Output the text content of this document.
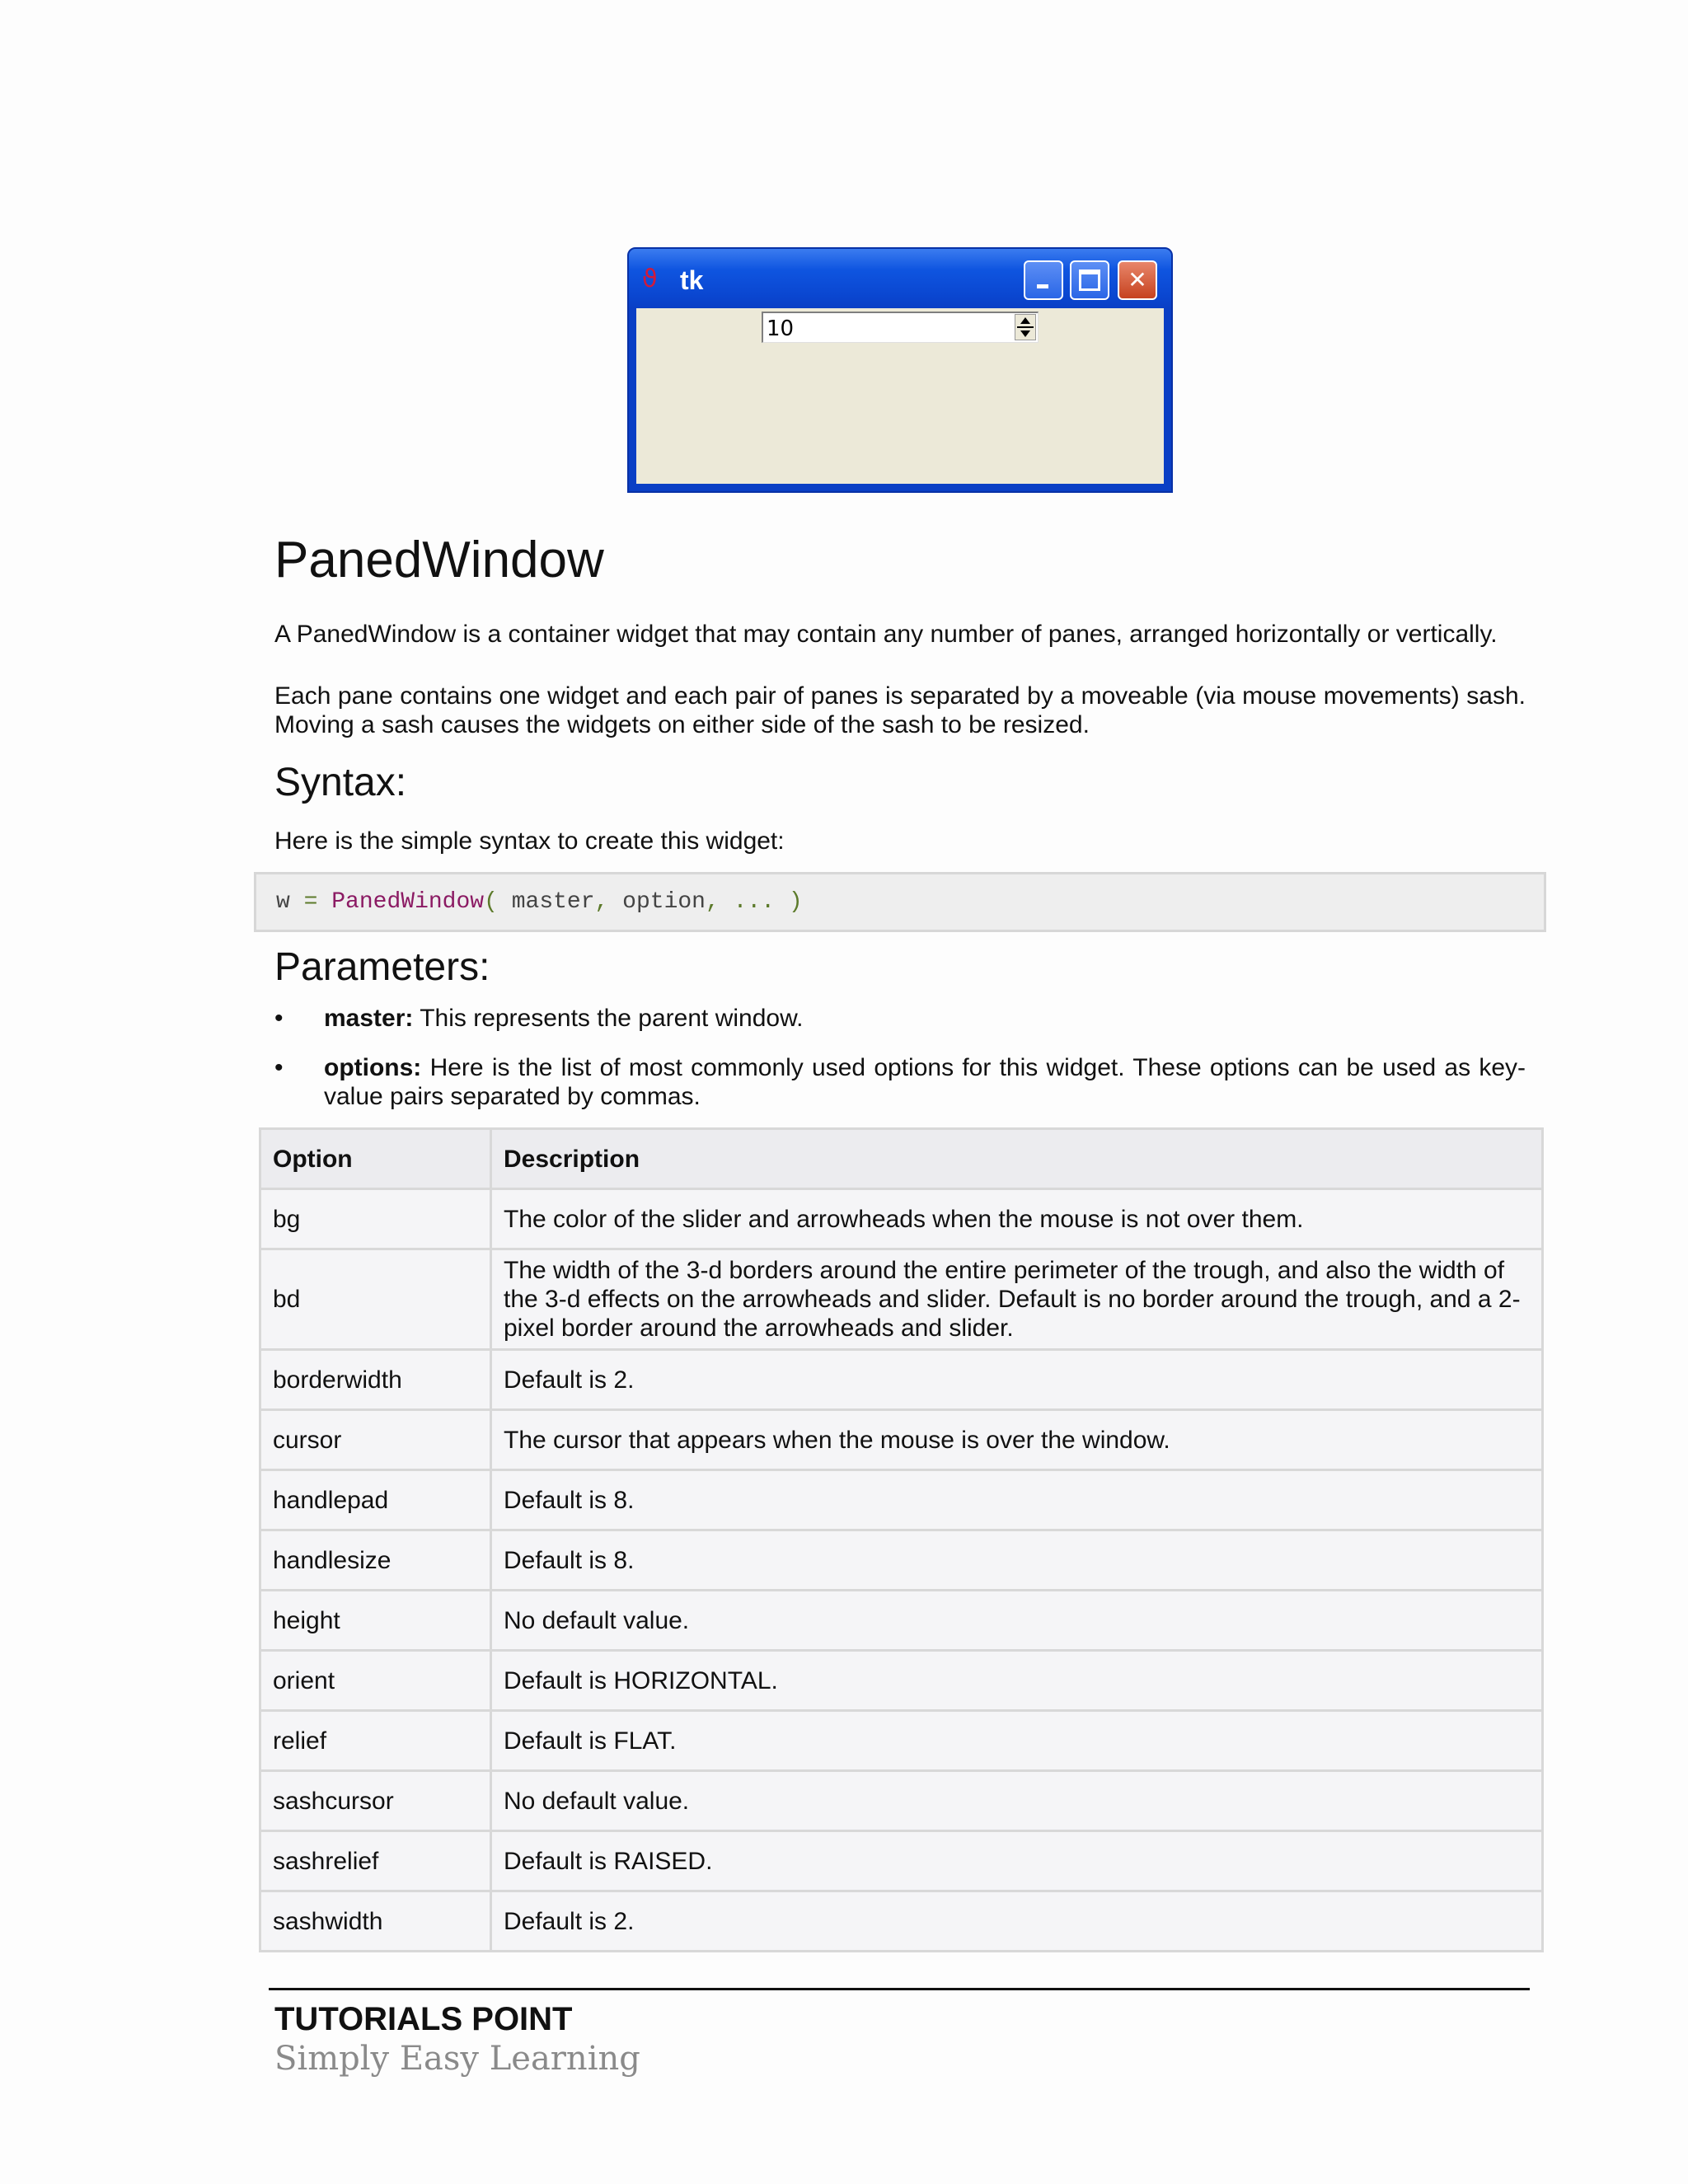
ϑ tk	✕
10
PanedWindow
A PanedWindow is a container widget that may contain any number of panes, arranged horizontally or vertically.
Each pane contains one widget and each pair of panes is separated by a moveable (via mouse movements) sash. Moving a sash causes the widgets on either side of the sash to be resized.
Syntax:
Here is the simple syntax to create this widget:
w = PanedWindow( master, option, ... )
Parameters:
•	master: This represents the parent window.
•	options: Here is the list of most commonly used options for this widget. These options can be used as key-value pairs separated by commas.
Option	Description
bg	The color of the slider and arrowheads when the mouse is not over them.
bd	The width of the 3-d borders around the entire perimeter of the trough, and also the width of the 3-d effects on the arrowheads and slider. Default is no border around the trough, and a 2-pixel border around the arrowheads and slider.
borderwidth	Default is 2.
cursor	The cursor that appears when the mouse is over the window.
handlepad	Default is 8.
handlesize	Default is 8.
height	No default value.
orient	Default is HORIZONTAL.
relief	Default is FLAT.
sashcursor	No default value.
sashrelief	Default is RAISED.
sashwidth	Default is 2.
TUTORIALS POINT
Simply Easy Learning
